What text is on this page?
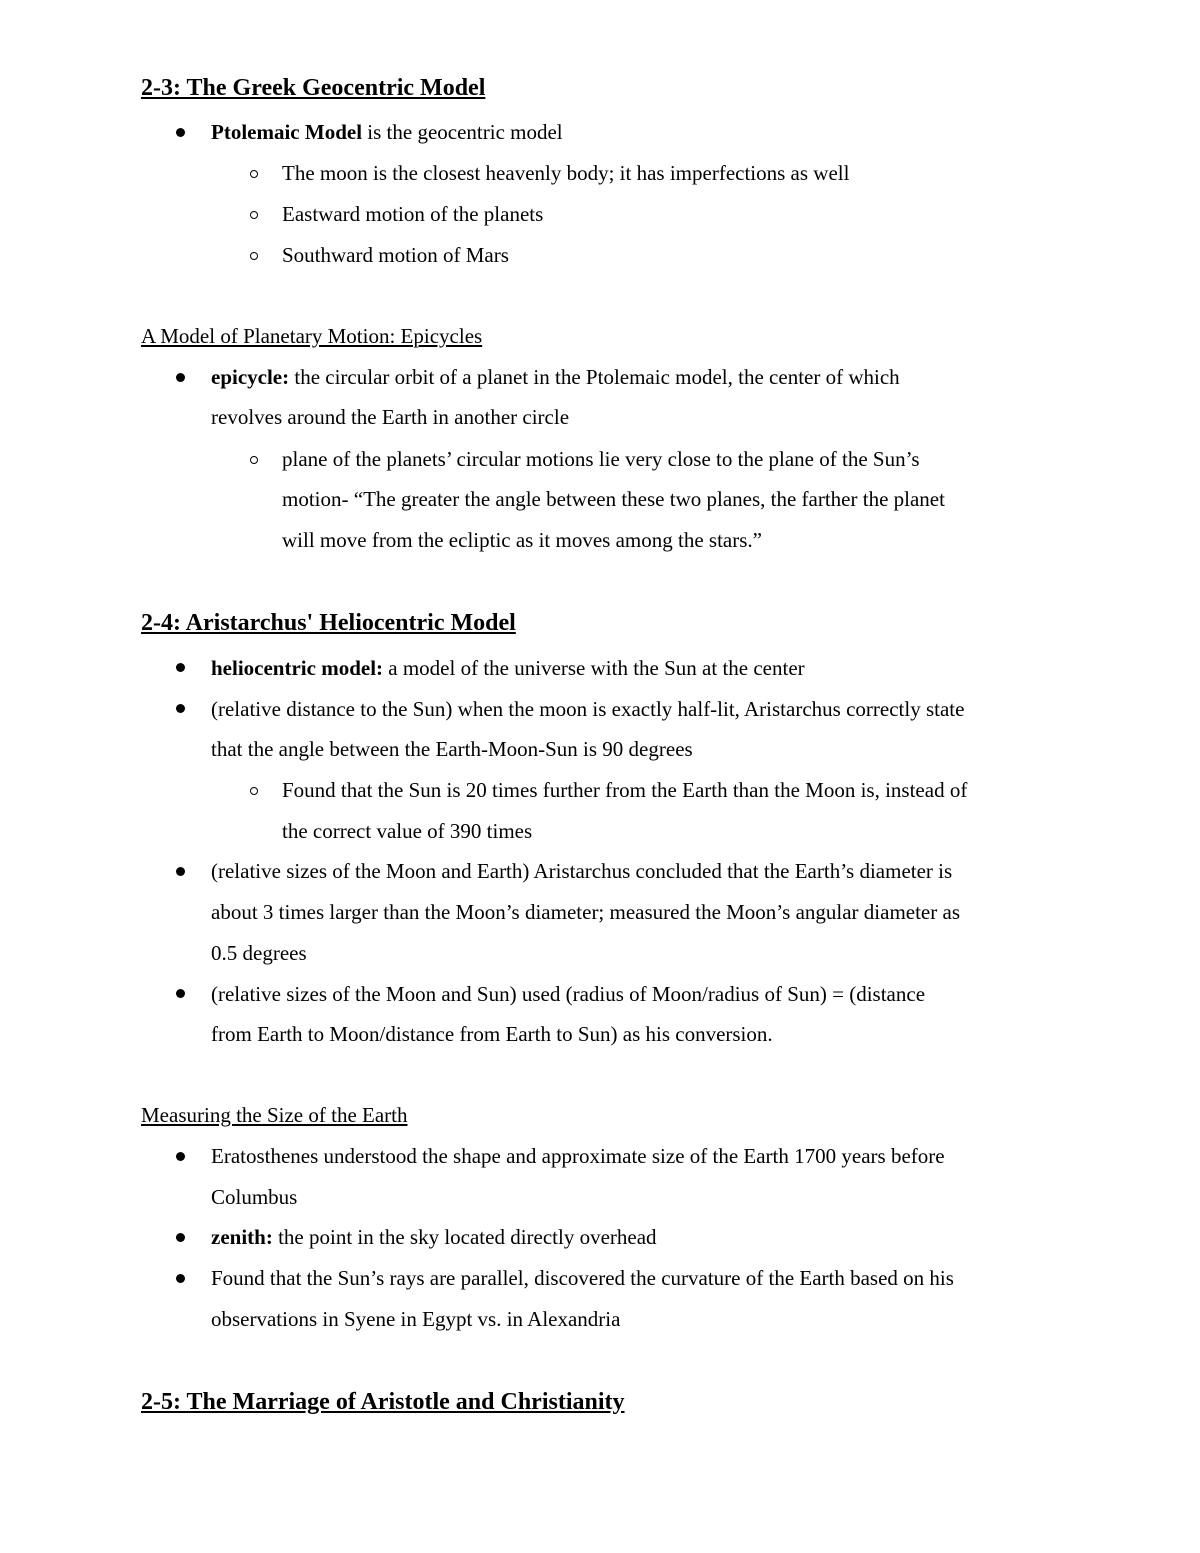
2-3: The Greek Geocentric Model
Ptolemaic Model is the geocentric model
The moon is the closest heavenly body; it has imperfections as well
Eastward motion of the planets
Southward motion of Mars
A Model of Planetary Motion: Epicycles
epicycle: the circular orbit of a planet in the Ptolemaic model, the center of which
revolves around the Earth in another circle
plane of the planets’ circular motions lie very close to the plane of the Sun’s
motion- “The greater the angle between these two planes, the farther the planet
will move from the ecliptic as it moves among the stars.”
2-4: Aristarchus' Heliocentric Model
heliocentric model: a model of the universe with the Sun at the center
(relative distance to the Sun) when the moon is exactly half-lit, Aristarchus correctly state
that the angle between the Earth-Moon-Sun is 90 degrees
Found that the Sun is 20 times further from the Earth than the Moon is, instead of
the correct value of 390 times
(relative sizes of the Moon and Earth) Aristarchus concluded that the Earth’s diameter is
about 3 times larger than the Moon’s diameter; measured the Moon’s angular diameter as
0.5 degrees
(relative sizes of the Moon and Sun) used (radius of Moon/radius of Sun) = (distance
from Earth to Moon/distance from Earth to Sun) as his conversion.
Measuring the Size of the Earth
Eratosthenes understood the shape and approximate size of the Earth 1700 years before
Columbus
zenith: the point in the sky located directly overhead
Found that the Sun’s rays are parallel, discovered the curvature of the Earth based on his
observations in Syene in Egypt vs. in Alexandria
2-5: The Marriage of Aristotle and Christianity
